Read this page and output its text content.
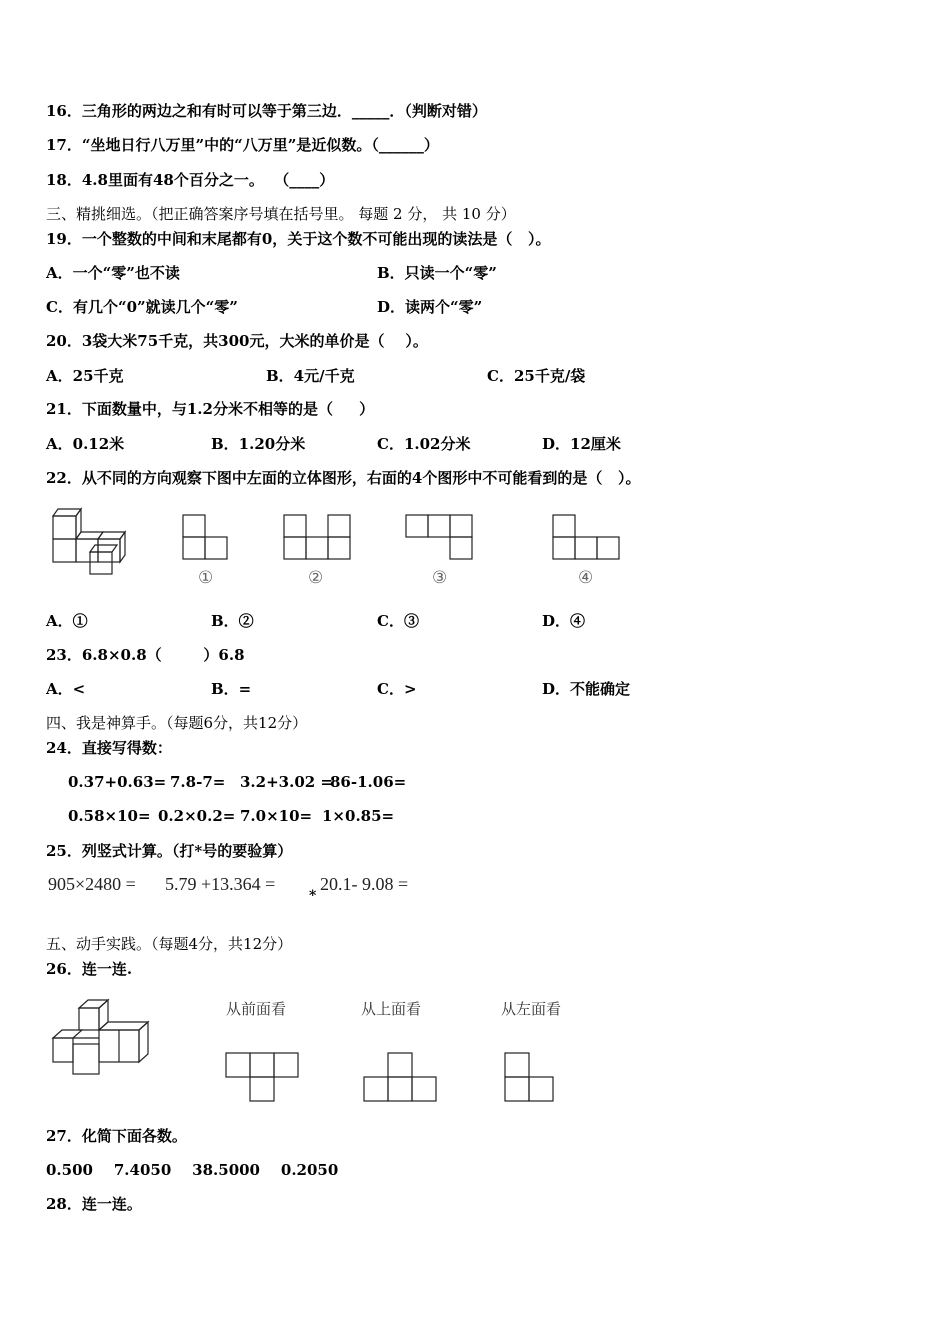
16．三角形的两边之和有时可以等于第三边．_____．（判断对错）
17．“坐地日行八万里”中的“八万里”是近似数。（______）
18．4.8里面有48个百分之一。  （____）
三、精挑细选。（把正确答案序号填在括号里。 每题 2 分， 共 10 分）
19．一个整数的中间和末尾都有0，关于这个数不可能出现的读法是（   ）。
A．一个“零”也不读	B．只读一个“零”
C．有几个“0”就读几个“零”	D．读两个“零”
20．3袋大米75千克，共300元，大米的单价是（    ）。
A．25千克	B．4元/千克	C．25千克/袋
21．下面数量中，与1.2分米不相等的是（     ）
A．0.12米	B．1.20分米	C．1.02分米	D．12厘米
22．从不同的方向观察下图中左面的立体图形，右面的4个图形中不可能看到的是（   ）。
①	②	③	④
A．①	B．②	C．③	D．④
23．6.8×0.8（        ）6.8
A．<	B．=	C．>	D．不能确定
四、我是神算手。（每题6分，共12分）
24．直接写得数：
0.37+0.63= 7.8-7= 3.2+3.02 =
86-1.06=
0.58×10= 0.2×0.2= 7.0×10= 1×0.85=
25．列竖式计算。（打*号的要验算）
905×2480 = 5.79 +13.364 =
*
20.1- 9.08 =
五、动手实践。（每题4分，共12分）
26．连一连.
从前面看	从上面看	从左面看
27．化简下面各数。
0.500    7.4050    38.5000    0.2050
28．连一连。
